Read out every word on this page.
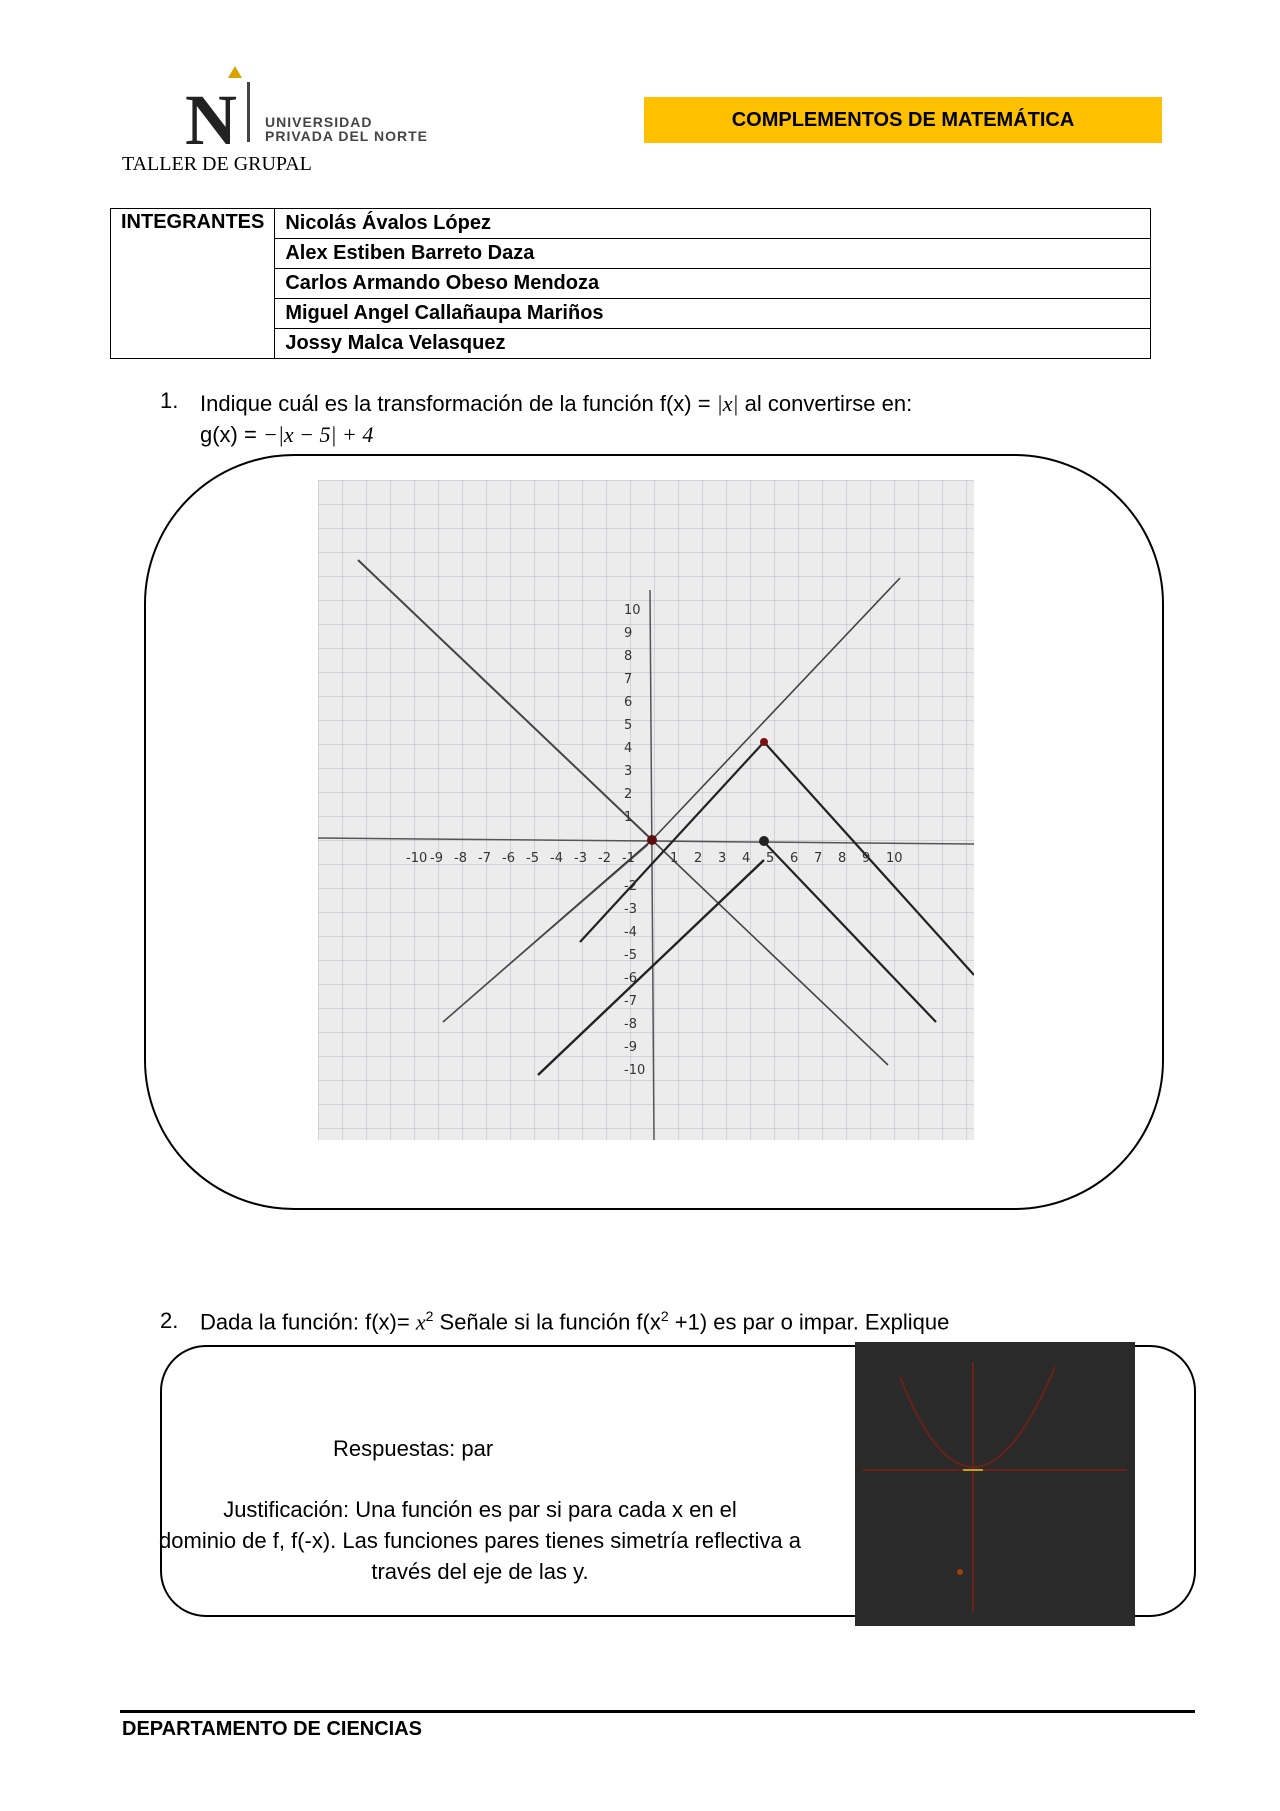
N UNIVERSIDAD
PRIVADA DEL NORTE
TALLER DE GRUPAL
COMPLEMENTOS DE MATEMÁTICA
INTEGRANTES	Nicolás Ávalos López
Alex Estiben Barreto Daza
Carlos Armando Obeso Mendoza
Miguel Angel Callañaupa Mariños
Jossy Malca Velasquez
1. Indique cuál es la transformación de la función f(x) = |x| al convertirse en:
g(x) = −|x − 5| + 4
-10 -9 -8 -7 -6 -5 -4 -3 -2 -1	1 2 3 4 5 6 7 8 9 10
10
9
8
7
6
5
4
3
2
1
-2
-3
-4
-5
-6
-7
-8
-9
-10
2. Dada la función: $f(x)= x^2$ Señale si la función $f(x^2 +1)$ es par o impar. Explique
Respuestas: par
Justificación: Una función es par si para cada x en el
dominio de f, f(-x). Las funciones pares tienes simetría reflectiva a
través del eje de las y.
DEPARTAMENTO DE CIENCIAS
